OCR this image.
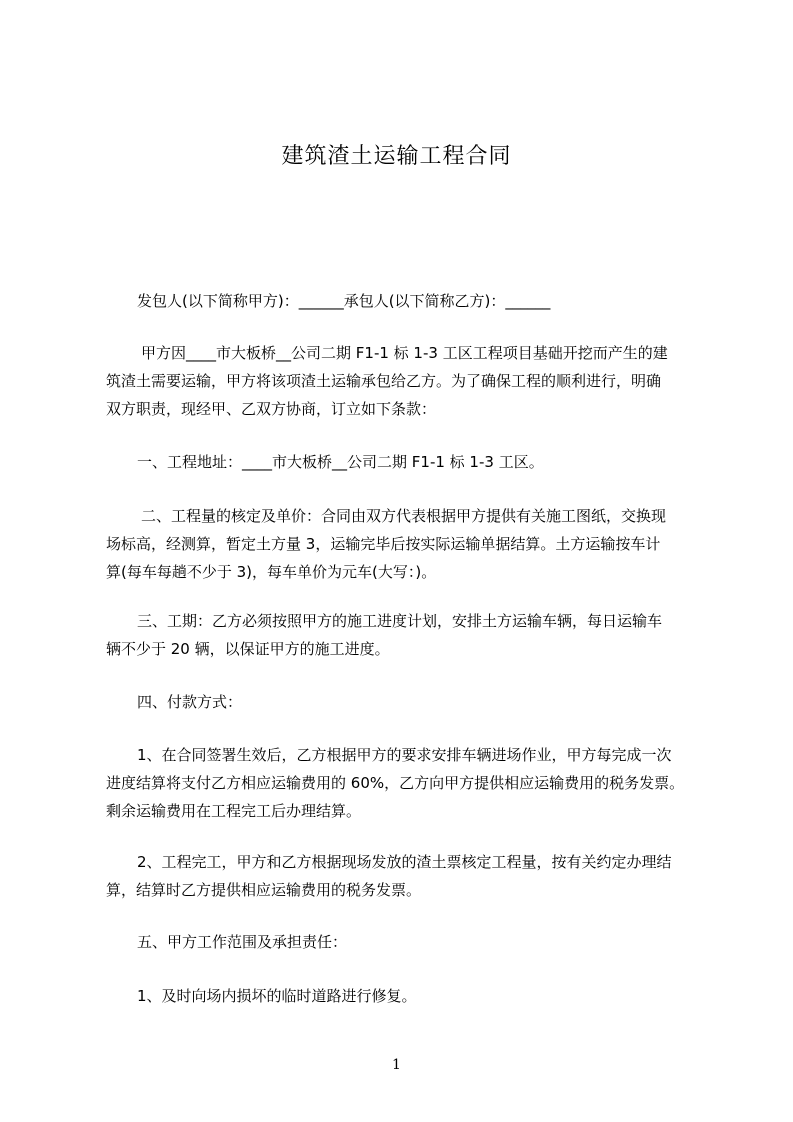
建筑渣土运输工程合同
发包人(以下简称甲方)：______承包人(以下简称乙方)：______
甲方因____市大板桥__公司二期 F1-1 标 1-3 工区工程项目基础开挖而产生的建
筑渣土需要运输，甲方将该项渣土运输承包给乙方。为了确保工程的顺利进行，明确
双方职责，现经甲、乙双方协商，订立如下条款：
一、工程地址：____市大板桥__公司二期 F1-1 标 1-3 工区。
二、工程量的核定及单价：合同由双方代表根据甲方提供有关施工图纸，交换现
场标高，经测算，暂定土方量 3，运输完毕后按实际运输单据结算。土方运输按车计
算(每车每趟不少于 3)，每车单价为元车(大写：)。
三、工期：乙方必须按照甲方的施工进度计划，安排土方运输车辆，每日运输车
辆不少于 20 辆，以保证甲方的施工进度。
四、付款方式：
1、在合同签署生效后，乙方根据甲方的要求安排车辆进场作业，甲方每完成一次
进度结算将支付乙方相应运输费用的 60%，乙方向甲方提供相应运输费用的税务发票。
剩余运输费用在工程完工后办理结算。
2、工程完工，甲方和乙方根据现场发放的渣土票核定工程量，按有关约定办理结
算，结算时乙方提供相应运输费用的税务发票。
五、甲方工作范围及承担责任：
1、及时向场内损坏的临时道路进行修复。
1
